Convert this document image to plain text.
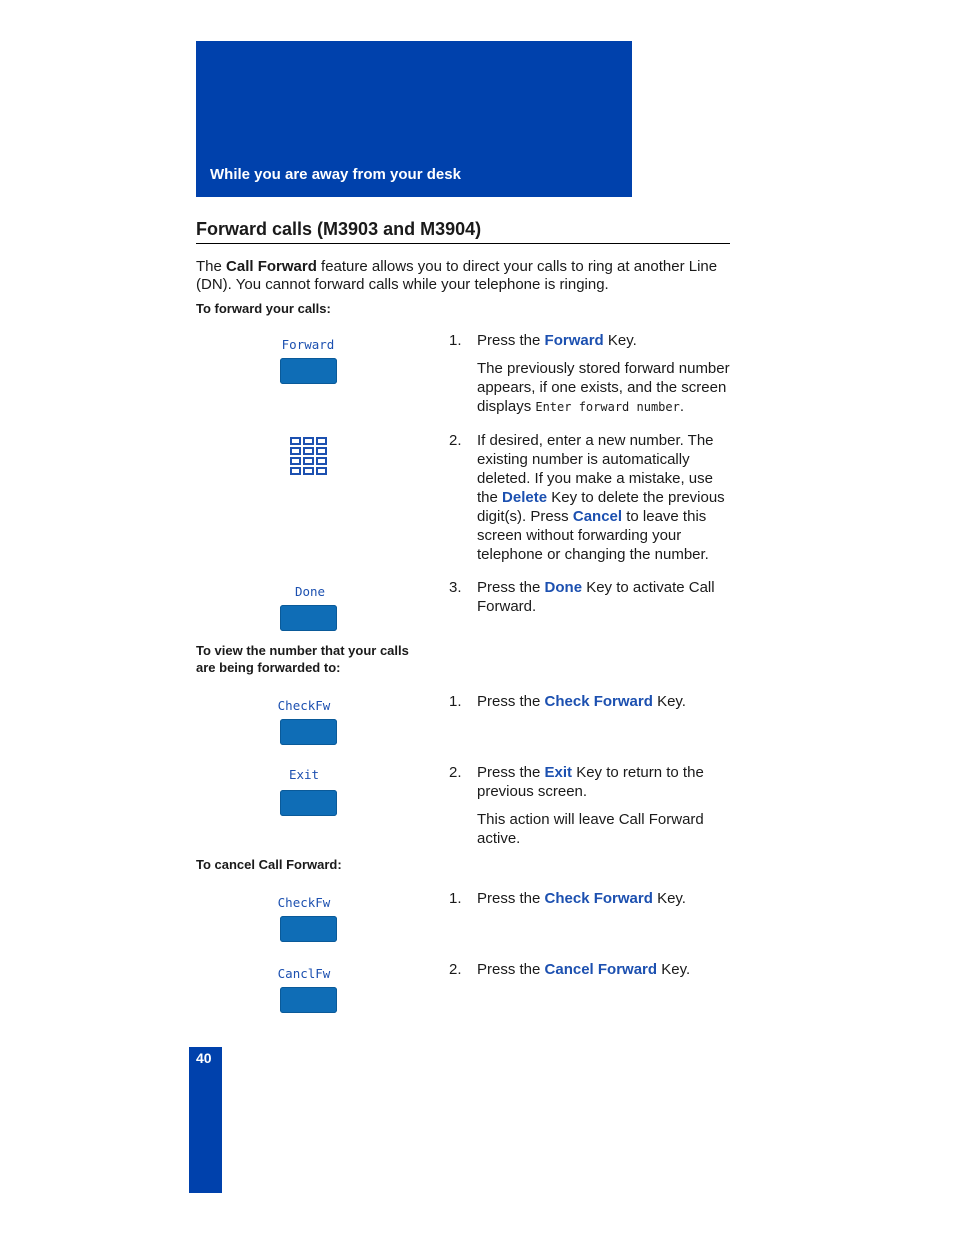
While you are away from your desk
Forward calls (M3903 and M3904)
The Call Forward feature allows you to direct your calls to ring at another Line (DN). You cannot forward calls while your telephone is ringing.
To forward your calls:
Forward
Done
1. Press the Forward Key.
The previously stored forward number appears, if one exists, and the screen displays Enter forward number.
2. If desired, enter a new number. The existing number is automatically deleted. If you make a mistake, use the Delete Key to delete the previous digit(s). Press Cancel to leave this screen without forwarding your telephone or changing the number.
3. Press the Done Key to activate Call Forward.
To view the number that your calls
are being forwarded to:
CheckFw
Exit
1. Press the Check Forward Key.
2. Press the Exit Key to return to the previous screen.
This action will leave Call Forward active.
To cancel Call Forward:
CheckFw
CanclFw
1. Press the Check Forward Key.
2. Press the Cancel Forward Key.
40
